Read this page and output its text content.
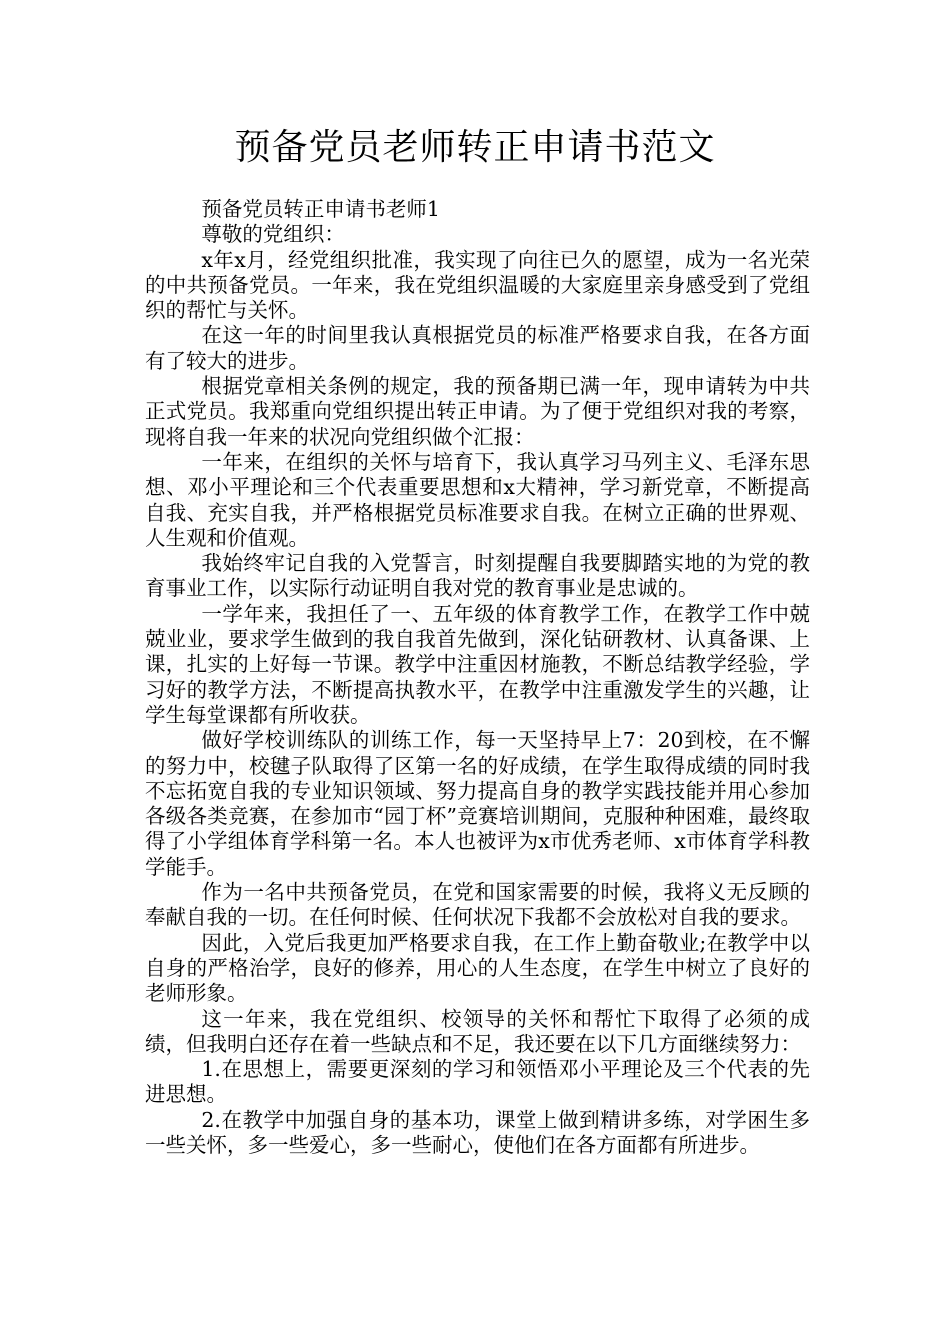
预备党员老师转正申请书范文

预备党员转正申请书老师1

尊敬的党组织：

x年x月，经党组织批准，我实现了向往已久的愿望，成为一名光荣的中共预备党员。一年来，我在党组织温暖的大家庭里亲身感受到了党组织的帮忙与关怀。

在这一年的时间里我认真根据党员的标准严格要求自我，在各方面有了较大的进步。

根据党章相关条例的规定，我的预备期已满一年，现申请转为中共正式党员。我郑重向党组织提出转正申请。为了便于党组织对我的考察，现将自我一年来的状况向党组织做个汇报：

一年来，在组织的关怀与培育下，我认真学习马列主义、毛泽东思想、邓小平理论和三个代表重要思想和x大精神，学习新党章，不断提高自我、充实自我，并严格根据党员标准要求自我。在树立正确的世界观、人生观和价值观。

我始终牢记自我的入党誓言，时刻提醒自我要脚踏实地的为党的教育事业工作，以实际行动证明自我对党的教育事业是忠诚的。

一学年来，我担任了一、五年级的体育教学工作，在教学工作中兢兢业业，要求学生做到的我自我首先做到，深化钻研教材、认真备课、上课，扎实的上好每一节课。教学中注重因材施教，不断总结教学经验，学习好的教学方法，不断提高执教水平，在教学中注重激发学生的兴趣，让学生每堂课都有所收获。

做好学校训练队的训练工作，每一天坚持早上7：20到校，在不懈的努力中，校毽子队取得了区第一名的好成绩，在学生取得成绩的同时我不忘拓宽自我的专业知识领域、努力提高自身的教学实践技能并用心参加各级各类竞赛，在参加市“园丁杯”竞赛培训期间，克服种种困难，最终取得了小学组体育学科第一名。本人也被评为x市优秀老师、x市体育学科教学能手。

作为一名中共预备党员，在党和国家需要的时候，我将义无反顾的奉献自我的一切。在任何时候、任何状况下我都不会放松对自我的要求。

因此，入党后我更加严格要求自我，在工作上勤奋敬业;在教学中以自身的严格治学，良好的修养，用心的人生态度，在学生中树立了良好的老师形象。

这一年来，我在党组织、校领导的关怀和帮忙下取得了必须的成绩，但我明白还存在着一些缺点和不足，我还要在以下几方面继续努力：

1.在思想上，需要更深刻的学习和领悟邓小平理论及三个代表的先进思想。

2.在教学中加强自身的基本功，课堂上做到精讲多练，对学困生多一些关怀，多一些爱心，多一些耐心，使他们在各方面都有所进步。
